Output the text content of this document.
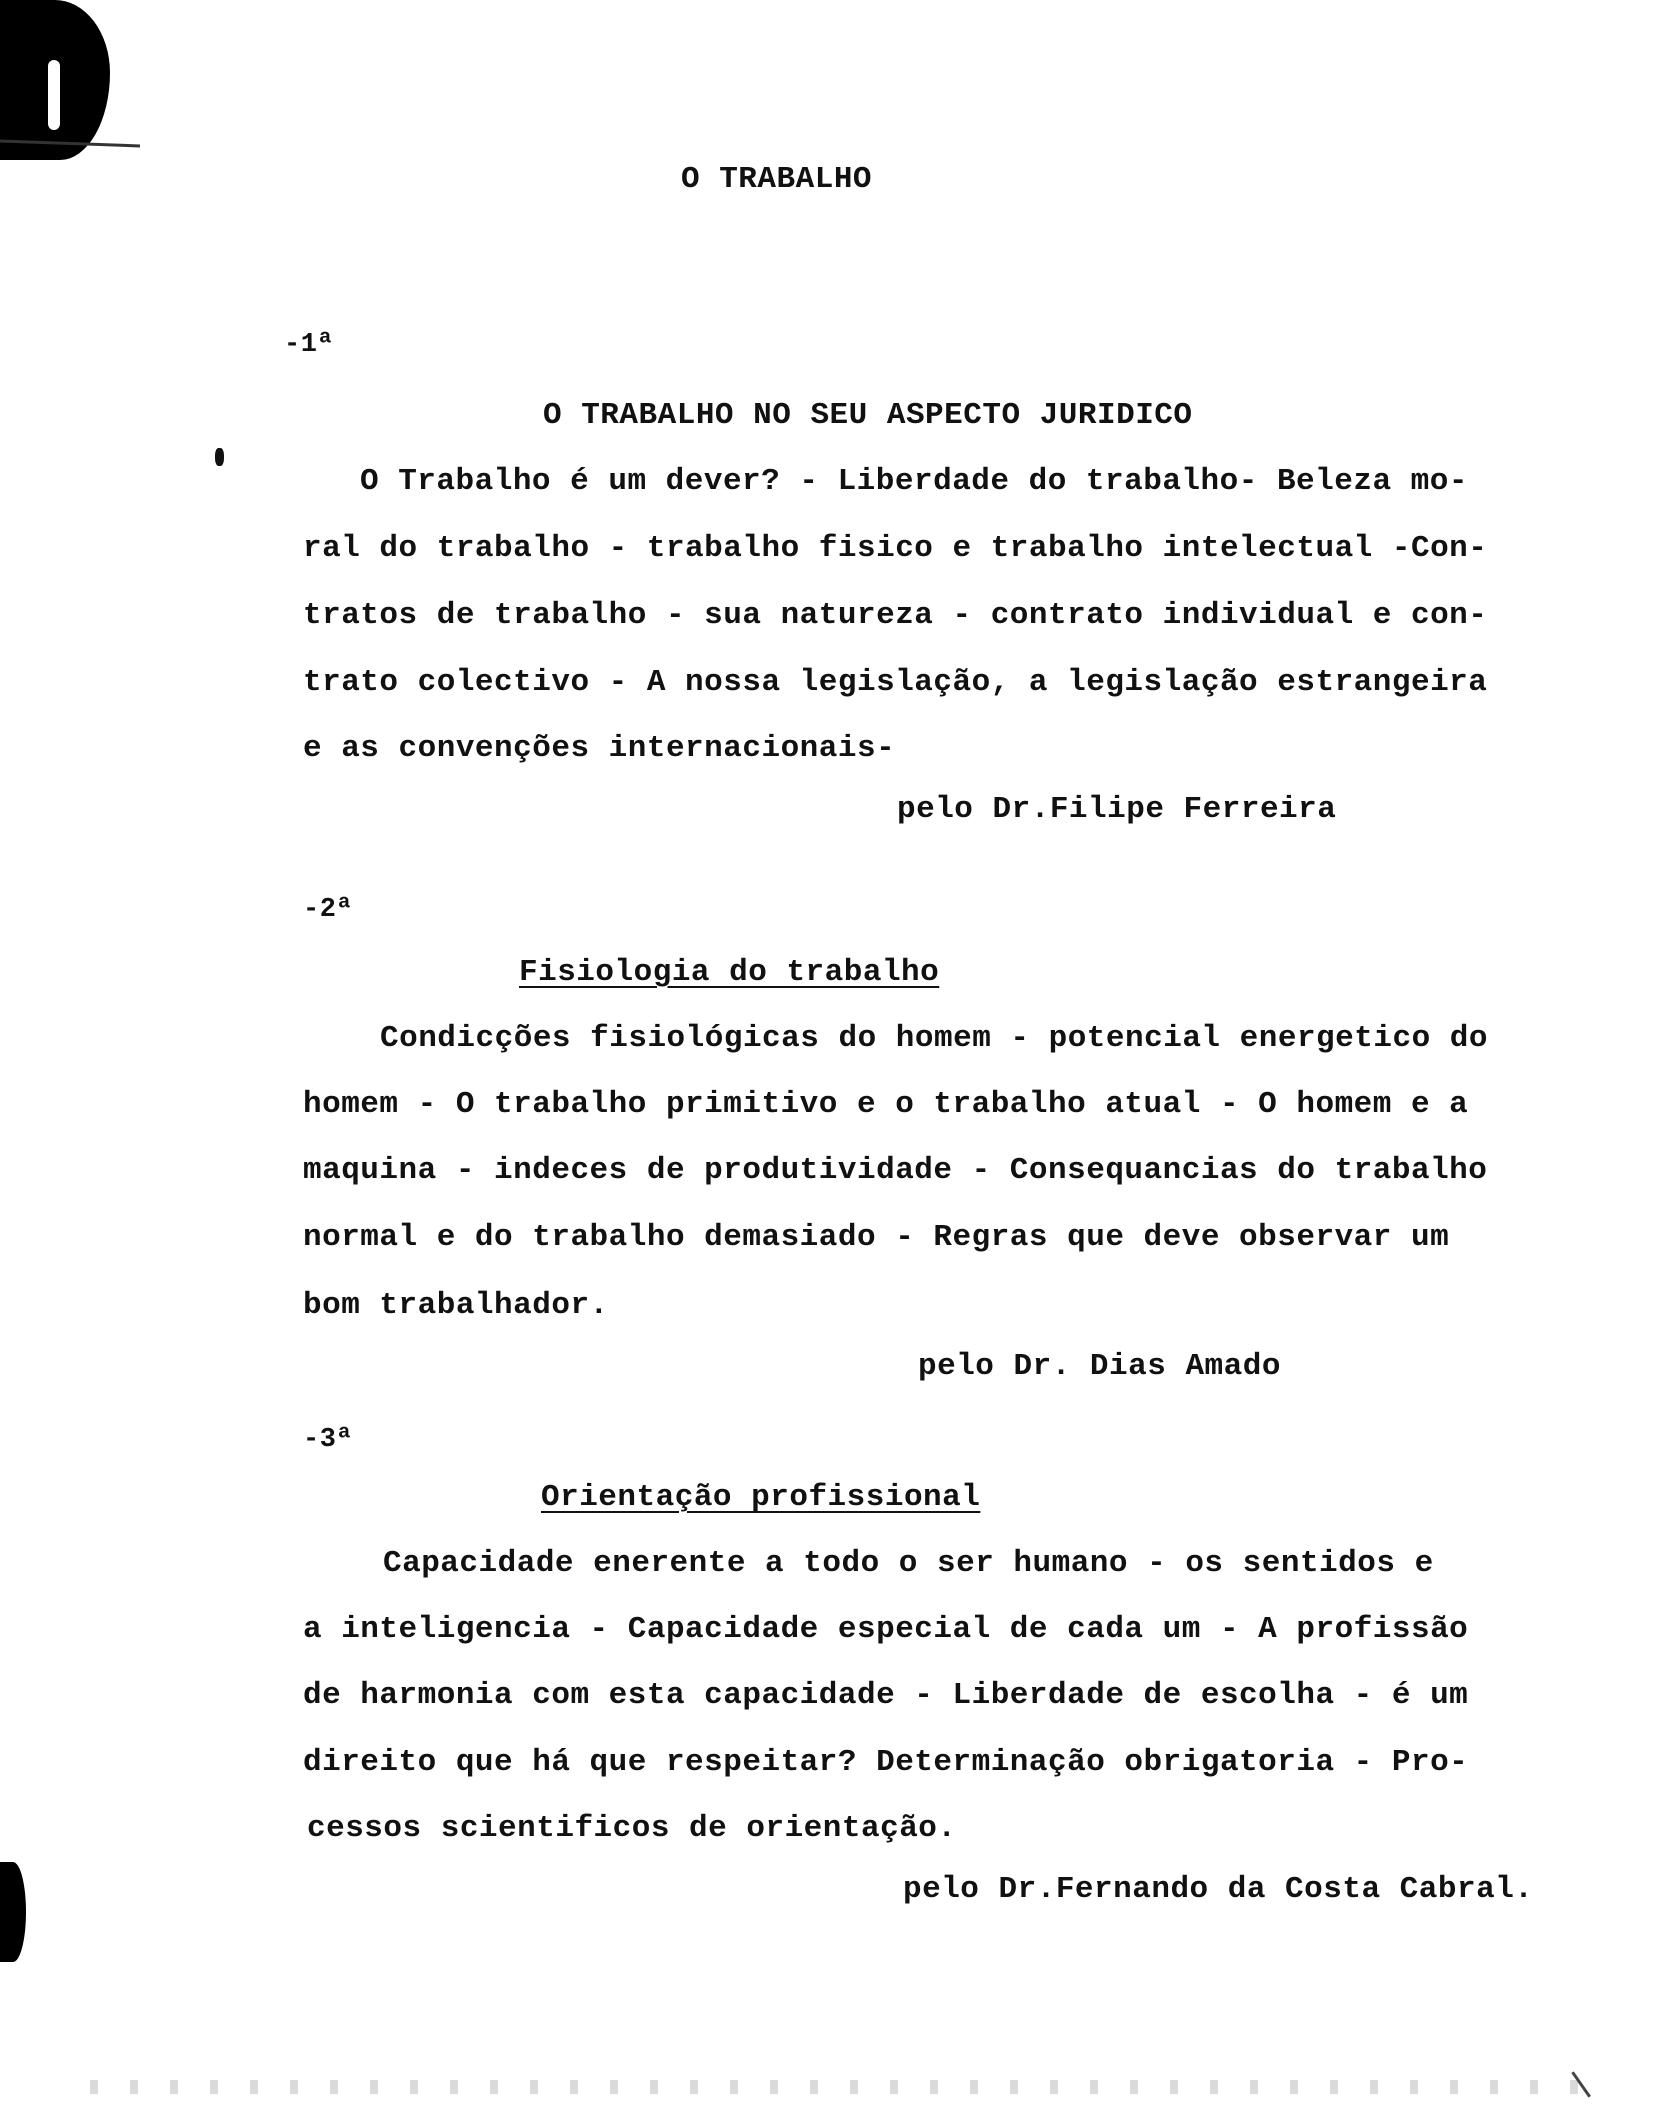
O TRABALHO
-1ª
O TRABALHO NO SEU ASPECTO JURIDICO
O Trabalho é um dever? - Liberdade do trabalho- Beleza mo-
ral do trabalho - trabalho fisico e trabalho intelectual -Con-
tratos de trabalho - sua natureza - contrato individual e con-
trato colectivo - A nossa legislação, a legislação estrangeira
e as convenções internacionais-
pelo Dr.Filipe Ferreira
-2ª
Fisiologia do trabalho
Condicções fisiológicas do homem - potencial energetico do
homem - O trabalho primitivo e o trabalho atual - O homem e a
maquina - indeces de produtividade - Consequancias do trabalho
normal e do trabalho demasiado - Regras que deve observar um
bom trabalhador.
pelo Dr. Dias Amado
-3ª
Orientação profissional
Capacidade enerente a todo o ser humano - os sentidos e
a inteligencia - Capacidade especial de cada um - A profissão
de harmonia com esta capacidade - Liberdade de escolha - é um
direito que há que respeitar? Determinação obrigatoria - Pro-
cessos scientificos de orientação.
pelo Dr.Fernando da Costa Cabral.
